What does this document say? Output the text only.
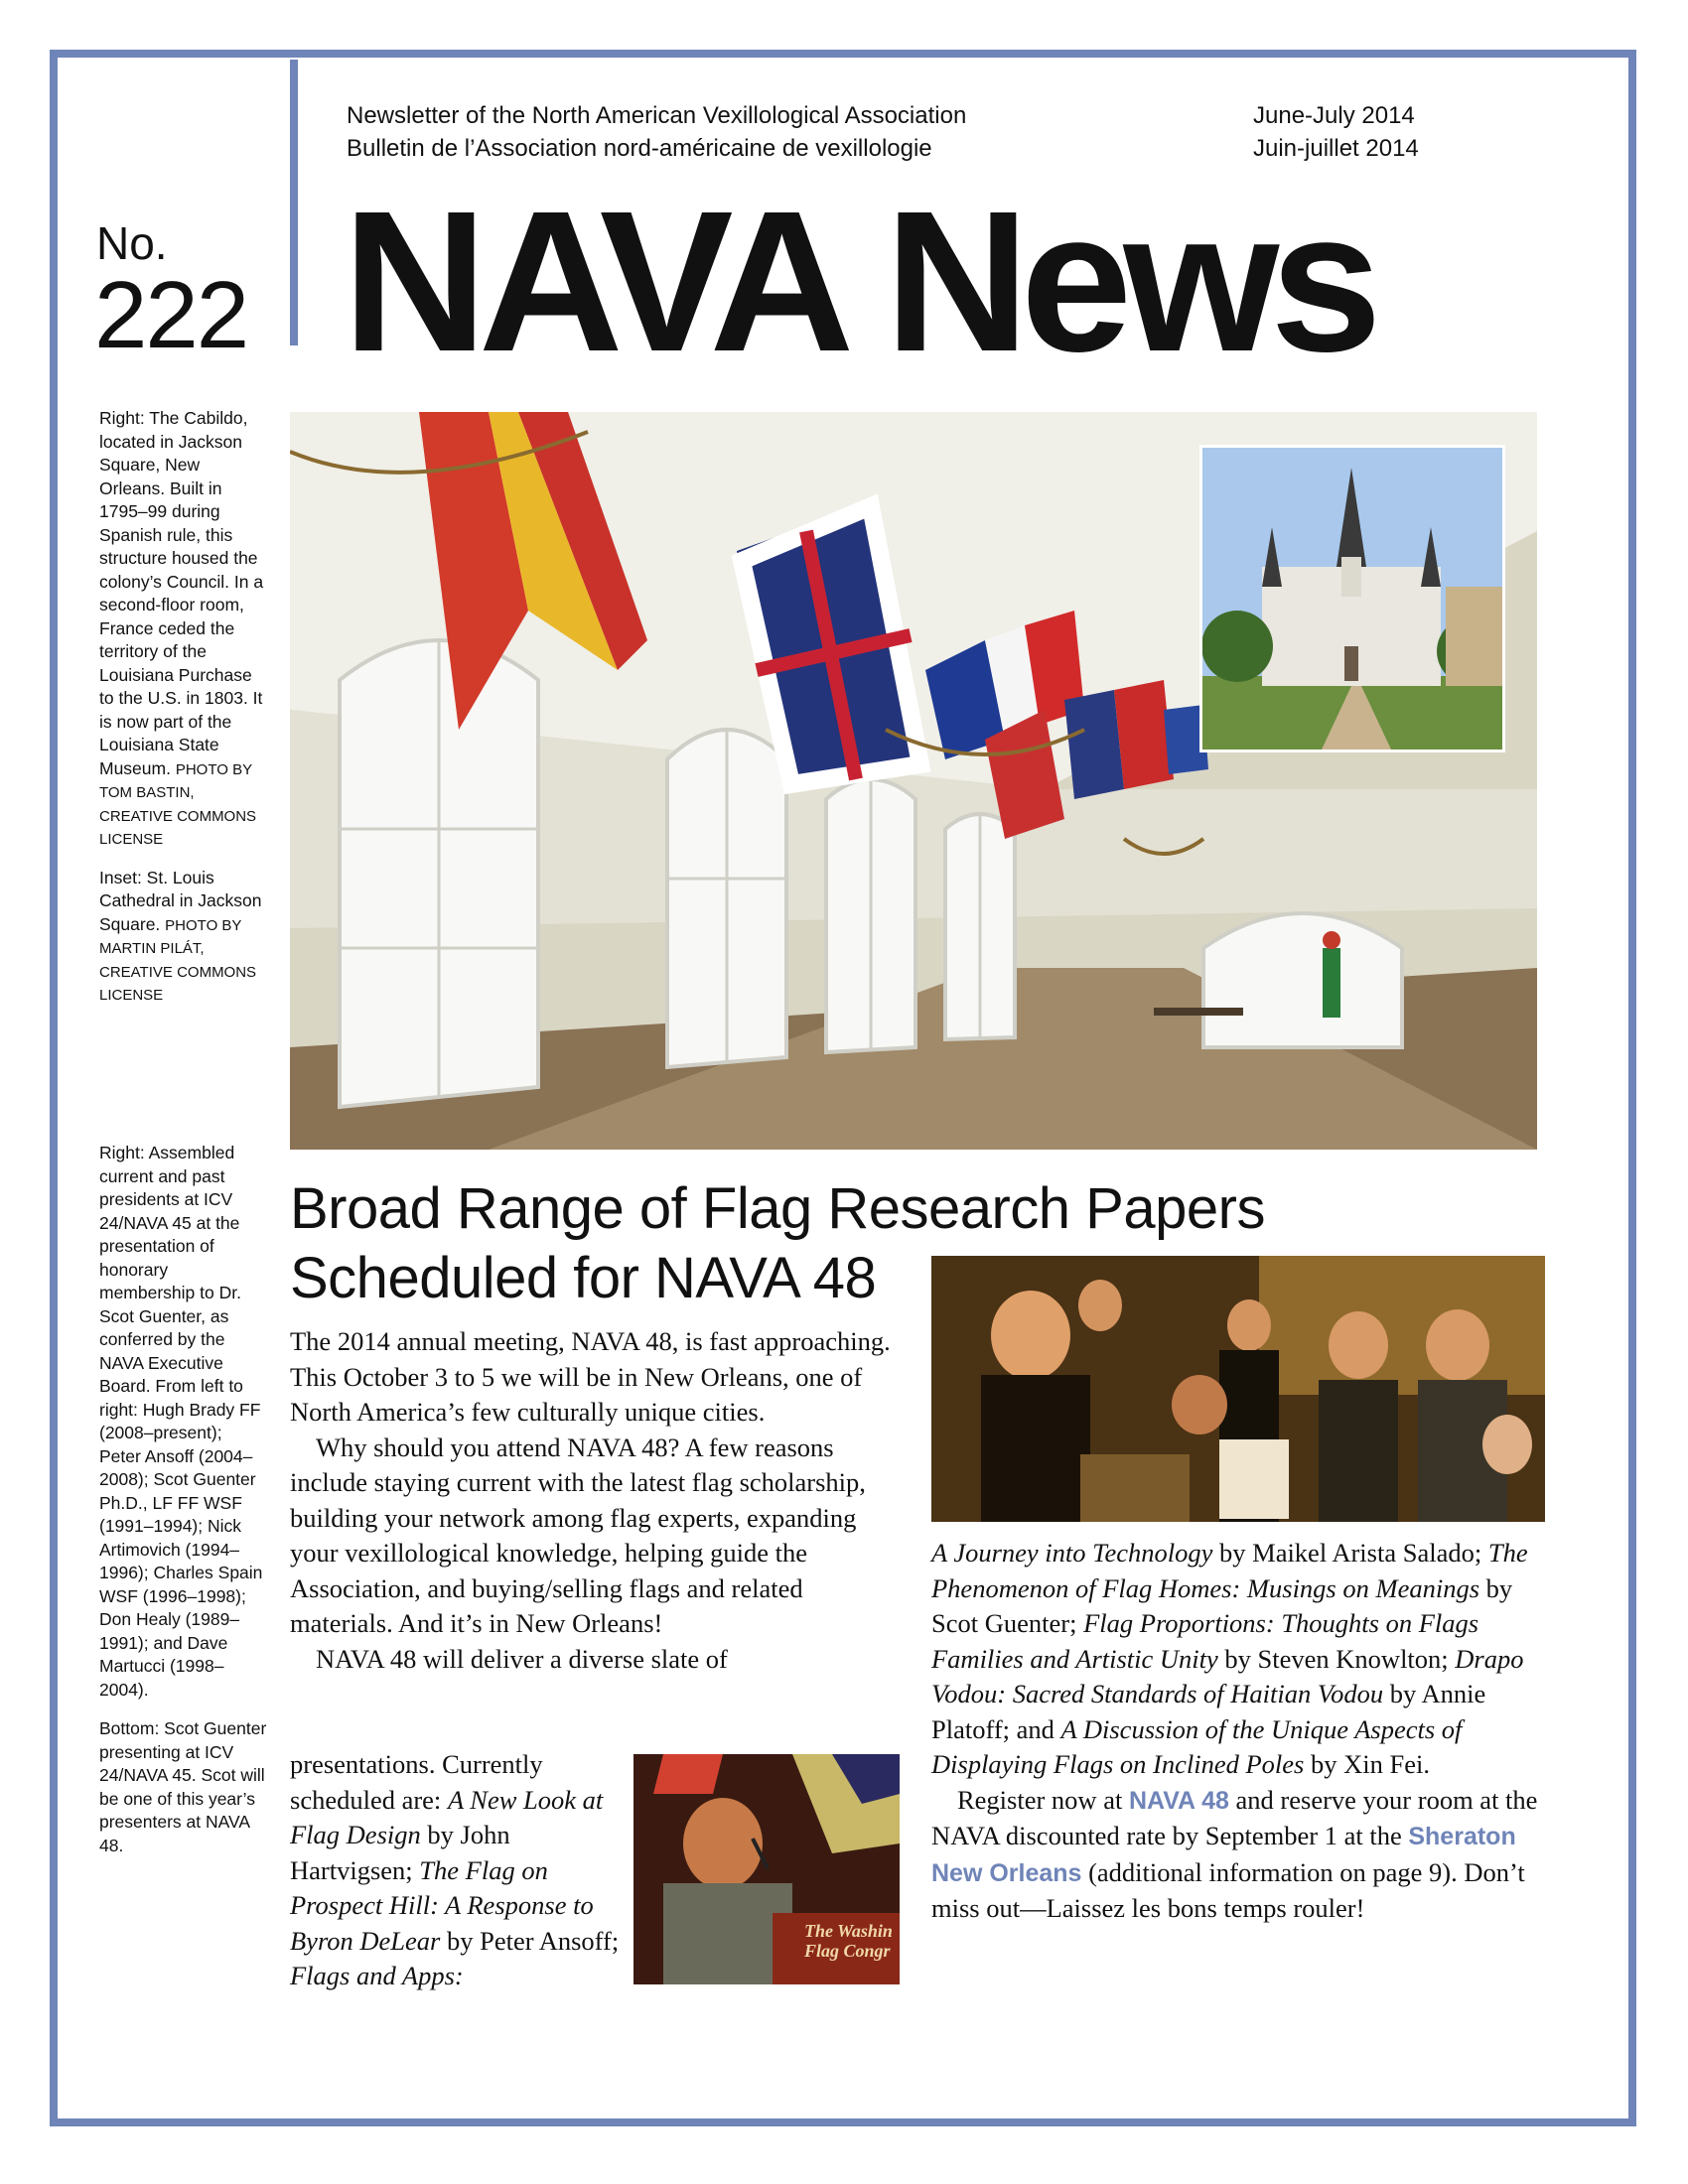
Newsletter of the North American Vexillological Association
Bulletin de l’Association nord-américaine de vexillologie
June-July 2014
Juin-juillet 2014
No.
222 NAVA News

Right: The Cabildo, located in Jackson Square, New Orleans. Built in 1795–99 during Spanish rule, this structure housed the colony’s Council. In a second-floor room, France ceded the territory of the Louisiana Purchase to the U.S. in 1803. It is now part of the Louisiana State Museum. PHOTO BY TOM BASTIN, CREATIVE COMMONS LICENSE

Inset: St. Louis Cathedral in Jackson Square. PHOTO BY MARTIN PILÁT, CREATIVE COMMONS LICENSE

Right: Assembled current and past presidents at ICV 24/NAVA 45 at the presentation of honorary membership to Dr. Scot Guenter, as conferred by the NAVA Executive Board. From left to right: Hugh Brady FF (2008–present); Peter Ansoff (2004–2008); Scot Guenter Ph.D., LF FF WSF (1991–1994); Nick Artimovich (1994–1996); Charles Spain WSF (1996–1998); Don Healy (1989–1991); and Dave Martucci (1998–2004).

Bottom: Scot Guenter presenting at ICV 24/NAVA 45. Scot will be one of this year’s presenters at NAVA 48.

Broad Range of Flag Research Papers Scheduled for NAVA 48
The Washin Flag Congr

The 2014 annual meeting, NAVA 48, is fast approaching. This October 3 to 5 we will be in New Orleans, one of North America’s few culturally unique cities.

Why should you attend NAVA 48? A few reasons include staying current with the latest flag scholarship, building your network among flag experts, expanding your vexillological knowledge, helping guide the Association, and buying/selling flags and related materials. And it’s in New Orleans!

NAVA 48 will deliver a diverse slate of

presentations. Currently scheduled are: A New Look at Flag Design by John Hartvigsen; The Flag on Prospect Hill: A Response to Byron DeLear by Peter Ansoff; Flags and Apps:

A Journey into Technology by Maikel Arista Salado; The Phenomenon of Flag Homes: Musings on Meanings by Scot Guenter; Flag Proportions: Thoughts on Flags Families and Artistic Unity by Steven Knowlton; Drapo Vodou: Sacred Standards of Haitian Vodou by Annie Platoff; and A Discussion of the Unique Aspects of Displaying Flags on Inclined Poles by Xin Fei.

Register now at NAVA 48 and reserve your room at the NAVA discounted rate by September 1 at the Sheraton New Orleans (additional information on page 9). Don’t miss out—Laissez les bons temps rouler!
